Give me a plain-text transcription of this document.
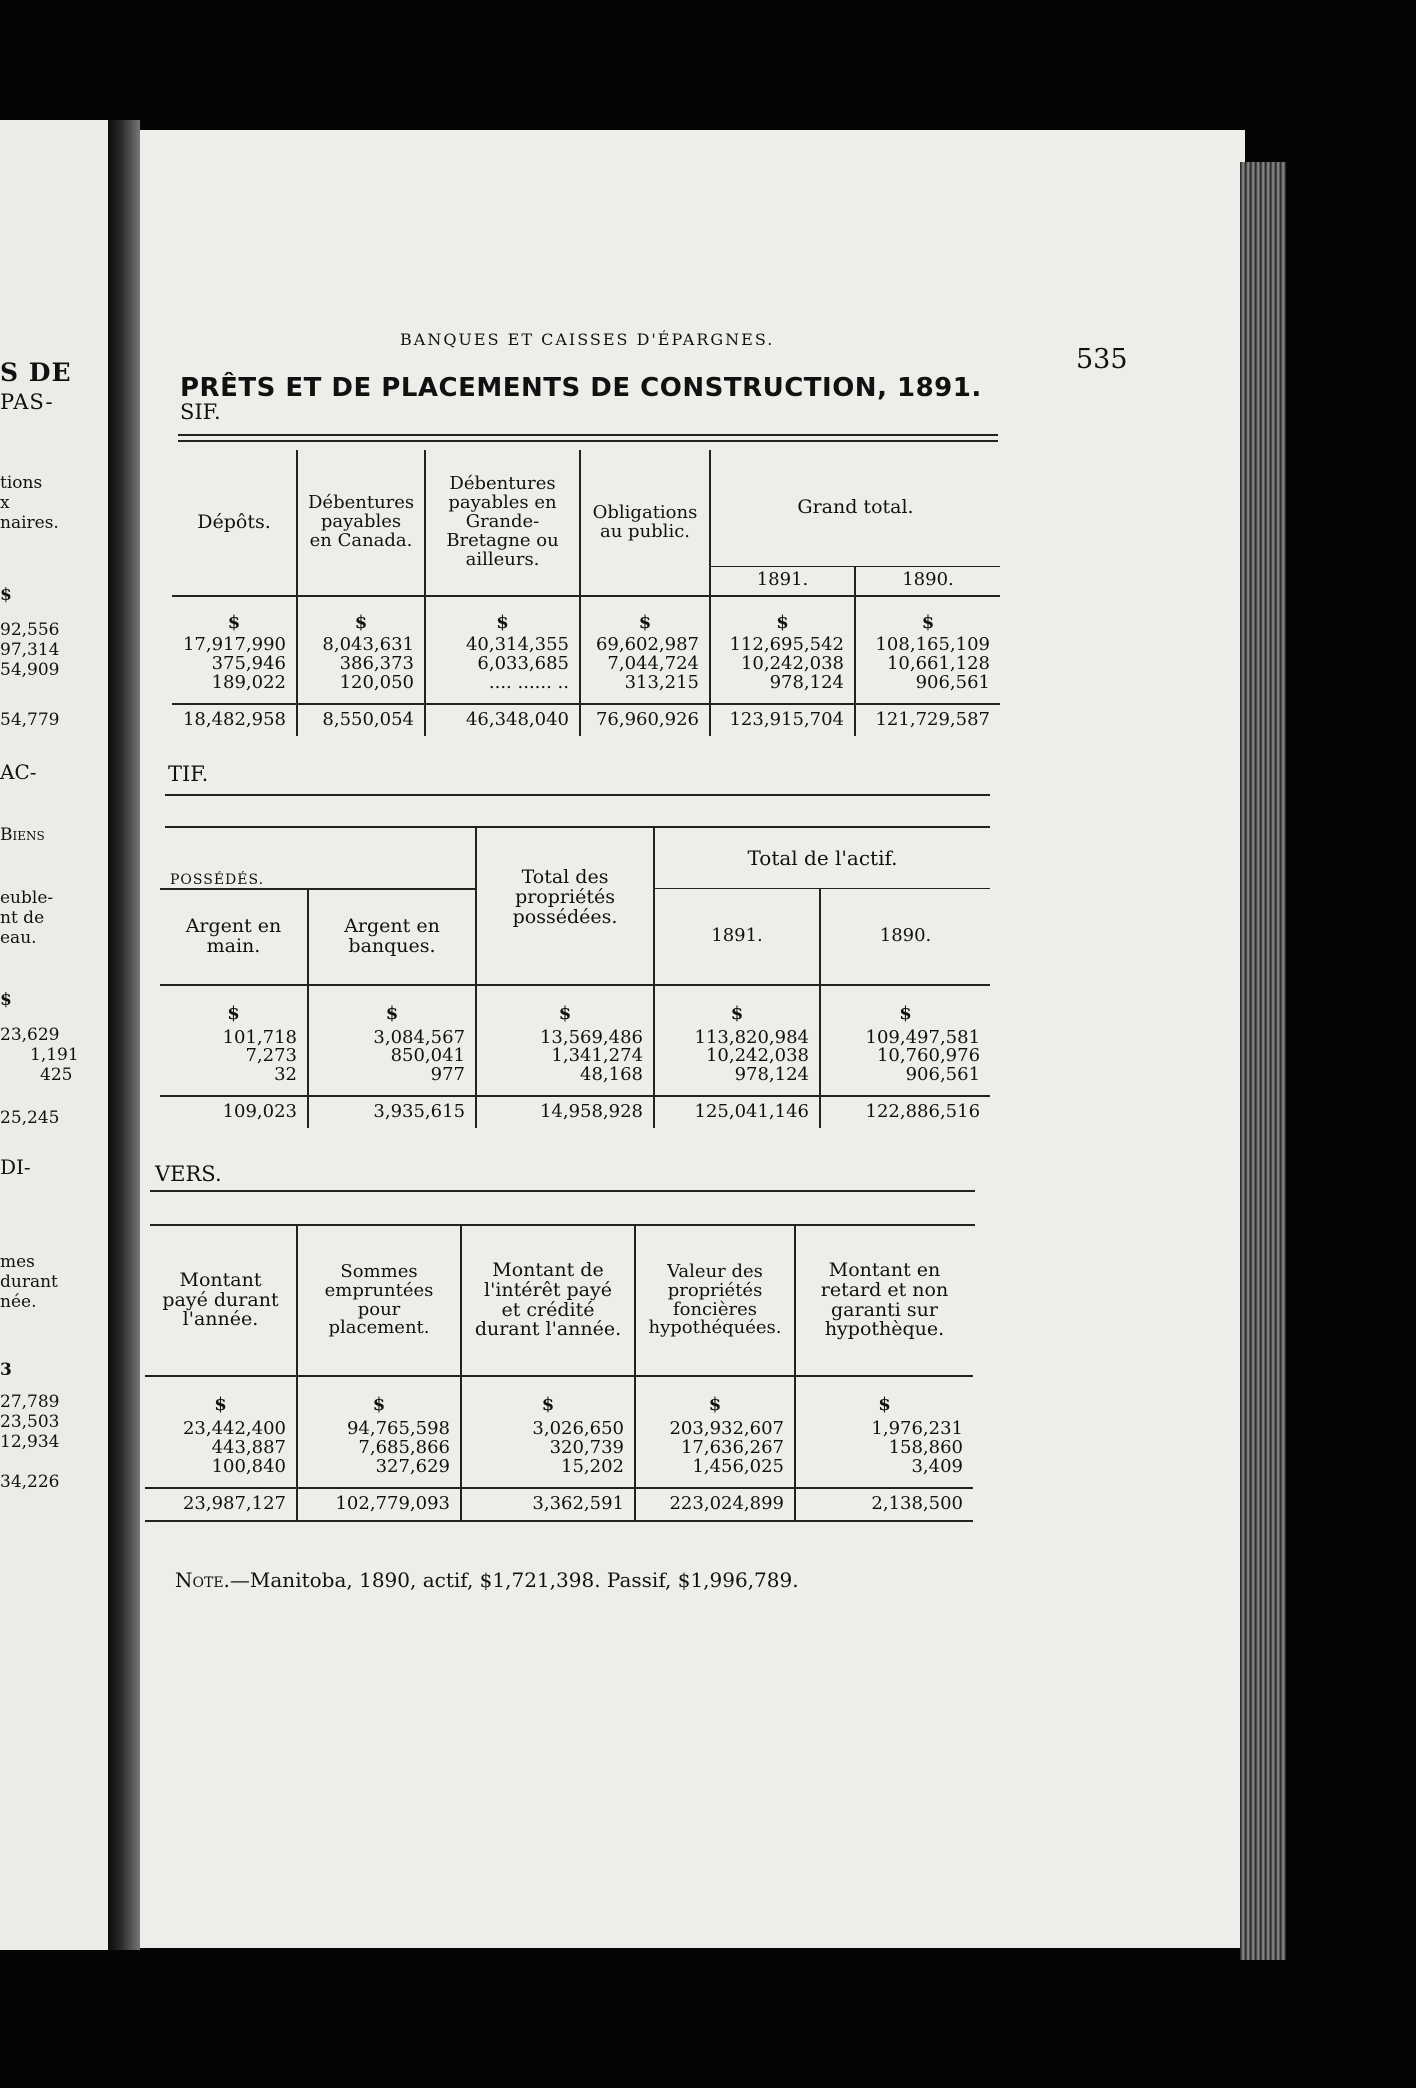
S DE
PAS-
tions
x
naires.
$
92,556
97,314
54,909
54,779
AC-
Biens
euble-
nt de
eau.
$
23,629
1,191
425
25,245
DI-
mes
durant
née.
3
27,789
23,503
12,934
34,226
BANQUES ET CAISSES D'ÉPARGNES.
535
PRÊTS ET DE PLACEMENTS DE CONSTRUCTION, 1891.
SIF.
Dépôts.	Débentures payables en Canada.	Débentures payables en Grande-Bretagne ou ailleurs.	Obligations au public.	Grand total.	
				1891.	1890.
$	$	$	$	$	$
17,917,990	8,043,631	40,314,355	69,602,987	112,695,542	108,165,109
375,946	386,373	6,033,685	7,044,724	10,242,038	10,661,128
189,022	120,050	.... ...... ..	313,215	978,124	906,561
18,482,958	8,550,054	46,348,040	76,960,926	123,915,704	121,729,587
TIF.
POSSÉDÉS.		Total des propriétés possédées.	Total de l'actif.	
Argent en main.	Argent en banques.		1891.	1890.
$	$	$	$	$
101,718	3,084,567	13,569,486	113,820,984	109,497,581
7,273	850,041	1,341,274	10,242,038	10,760,976
32	977	48,168	978,124	906,561
109,023	3,935,615	14,958,928	125,041,146	122,886,516
VERS.
Montant payé durant l'année.	Sommes empruntées pour placement.	Montant de l'intérêt payé et crédité durant l'année.	Valeur des propriétés foncières hypothéquées.	Montant en retard et non garanti sur hypothèque.
$	$	$	$	$
23,442,400	94,765,598	3,026,650	203,932,607	1,976,231
443,887	7,685,866	320,739	17,636,267	158,860
100,840	327,629	15,202	1,456,025	3,409
23,987,127	102,779,093	3,362,591	223,024,899	2,138,500
Note.—Manitoba, 1890, actif, $1,721,398. Passif, $1,996,789.
